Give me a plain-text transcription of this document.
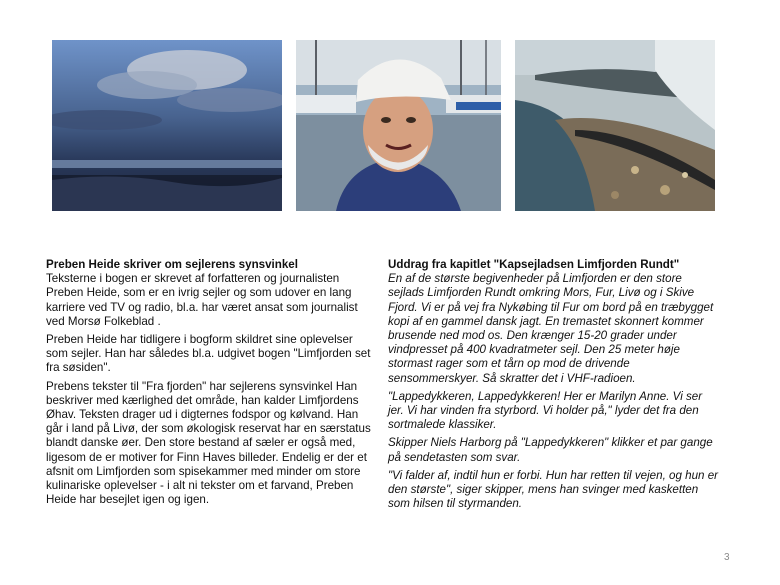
Preben Heide skriver om sejlerens synsvinkel

Teksterne i bogen er skrevet af forfatteren og journalisten Preben Heide, som er en ivrig sejler og som udover en lang karriere ved TV og radio, bl.a. har været ansat som journalist ved Morsø Folkeblad .

Preben Heide har tidligere i bogform skildret sine oplevelser som sejler. Han har således bl.a. udgivet bogen "Limfjorden set fra søsiden".

Prebens tekster til "Fra fjorden" har sejlerens synsvinkel Han beskriver med kærlighed det område, han kalder Limfjordens Øhav. Teksten drager ud i digternes fodspor og kølvand. Han går i land på Livø, der som økologisk reservat har en særstatus blandt danske øer. Den store bestand af sæler er også med, ligesom de er motiver for Finn Haves billeder. Endelig er der et afsnit om Limfjorden som spisekammer med minder om store kulinariske oplevelser - i alt ni tekster om et farvand, Preben Heide har besejlet igen og igen.

Uddrag fra kapitlet "Kapsejladsen Limfjorden Rundt"

En af de største begivenheder på Limfjorden er den store sejlads Limfjorden Rundt omkring Mors, Fur, Livø og i Skive Fjord. Vi er på vej fra Nykøbing til Fur om bord på en træbygget kopi af en gammel dansk jagt. En tremastet skonnert kommer brusende ned mod os. Den krænger 15-20 grader under vindpresset på 400 kvadratmeter sejl. Den 25 meter høje stormast rager som et tårn op mod de drivende sensommerskyer. Så skratter det i VHF-radioen.

"Lappedykkeren, Lappedykkeren! Her er Marilyn Anne. Vi ser jer. Vi har vinden fra styrbord. Vi holder på," lyder det fra den sortmalede klassiker.

Skipper Niels Harborg på "Lappedykkeren" klikker et par gange på sendetasten som svar.

"Vi falder af, indtil hun er forbi. Hun har retten til vejen, og hun er den største", siger skipper, mens han svinger med kasketten som hilsen til styrmanden.

3
